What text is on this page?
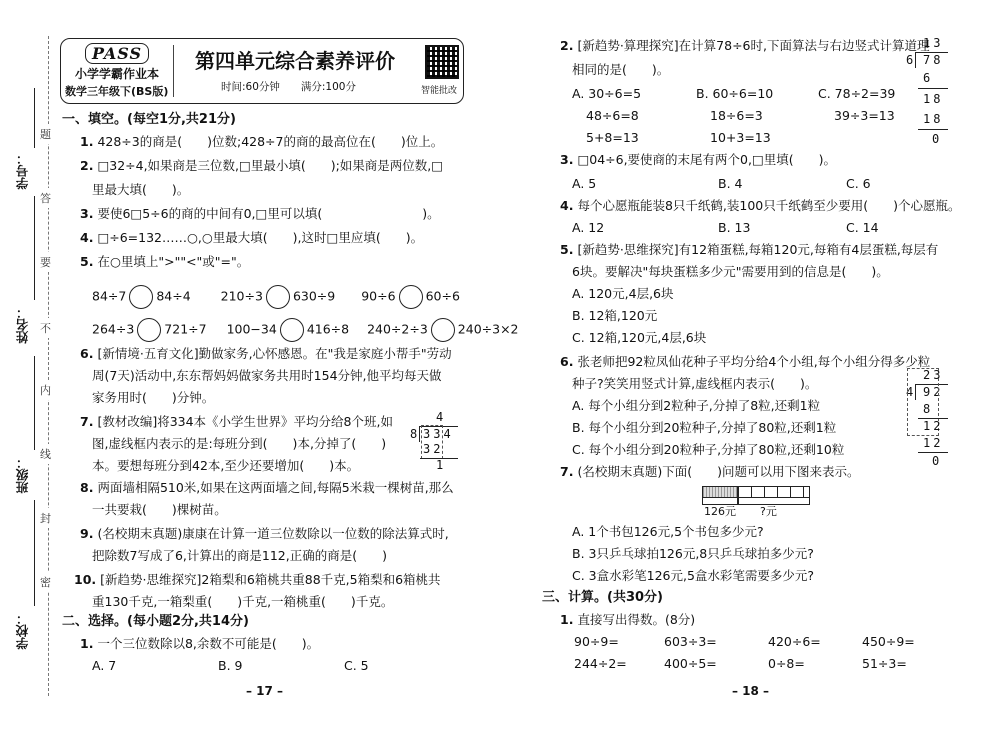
学号：
姓名：
班级：
学校：
题
答
要
不
内
线
封
密
PASS
小学学霸作业本
数学三年级下(BS版)
第四单元综合素养评价
时间:60分钟　　满分:100分	智能批改
一、填空。(每空1分,共21分)
1. 428÷3的商是(　　)位数;428÷7的商的最高位在(　　)位上。
2. □32÷4,如果商是三位数,□里最小填(　　);如果商是两位数,□
里最大填(　　)。
3. 要使6□5÷6的商的中间有0,□里可以填(　　　　　　　　)。
4. □÷6=132……○,○里最大填(　　),这时□里应填(　　)。
5. 在○里填上">""<"或"="。
84÷7 84÷4 210÷3 630÷9 90÷6 60÷6
264÷3 721÷7 100−34 416÷8 240÷2÷3 240÷3×2
6. [新情境·五育文化]勤做家务,心怀感恩。在"我是家庭小帮手"劳动
周(7天)活动中,东东帮妈妈做家务共用时154分钟,他平均每天做
家务用时(　　)分钟。
7. [教材改编]将334本《小学生世界》平均分给8个班,如
图,虚线框内表示的是:每班分到(　　)本,分掉了(　　)
本。要想每班分到42本,至少还要增加(　　)本。
4
8 334
32
1
8. 两面墙相隔510米,如果在这两面墙之间,每隔5米栽一棵树苗,那么
一共要栽(　　)棵树苗。
9. (名校期末真题)康康在计算一道三位数除以一位数的除法算式时,
把除数7写成了6,计算出的商是112,正确的商是(　　)
10. [新趋势·思维探究]2箱梨和6箱桃共重88千克,5箱梨和6箱桃共
重130千克,一箱梨重(　　)千克,一箱桃重(　　)千克。
二、选择。(每小题2分,共14分)
1. 一个三位数除以8,余数不可能是(　　)。
A. 7	B. 9	C. 5
– 17 –
2. [新趋势·算理探究]在计算78÷6时,下面算法与右边竖式计算道理
相同的是(　　)。
A. 30÷6=5	B. 60÷6=10	C. 78÷2=39
48÷6=8	18÷6=3	39÷3=13
5+8=13	10+3=13
13
6 78
6
18
18
0
3. □04÷6,要使商的末尾有两个0,□里填(　　)。
A. 5	B. 4	C. 6
4. 每个心愿瓶能装8只千纸鹤,装100只千纸鹤至少要用(　　)个心愿瓶。
A. 12	B. 13	C. 14
5. [新趋势·思维探究]有12箱蛋糕,每箱120元,每箱有4层蛋糕,每层有
6块。要解决"每块蛋糕多少元"需要用到的信息是(　　)。
A. 120元,4层,6块
B. 12箱,120元
C. 12箱,120元,4层,6块
6. 张老师把92粒凤仙花种子平均分给4个小组,每个小组分得多少粒
种子?笑笑用竖式计算,虚线框内表示(　　)。
A. 每个小组分到2粒种子,分掉了8粒,还剩1粒
B. 每个小组分到20粒种子,分掉了80粒,还剩1粒
C. 每个小组分到20粒种子,分掉了80粒,还剩10粒
23
4 92
8
12
12
0
7. (名校期末真题)下面(　　)问题可以用下图来表示。
126元 ?元
A. 1个书包126元,5个书包多少元?
B. 3只乒乓球拍126元,8只乒乓球拍多少元?
C. 3盒水彩笔126元,5盒水彩笔需要多少元?
三、计算。(共30分)
1. 直接写出得数。(8分)
90÷9=	603÷3=	420÷6=	450÷9=
244÷2=	400÷5=	0÷8=	51÷3=
– 18 –
